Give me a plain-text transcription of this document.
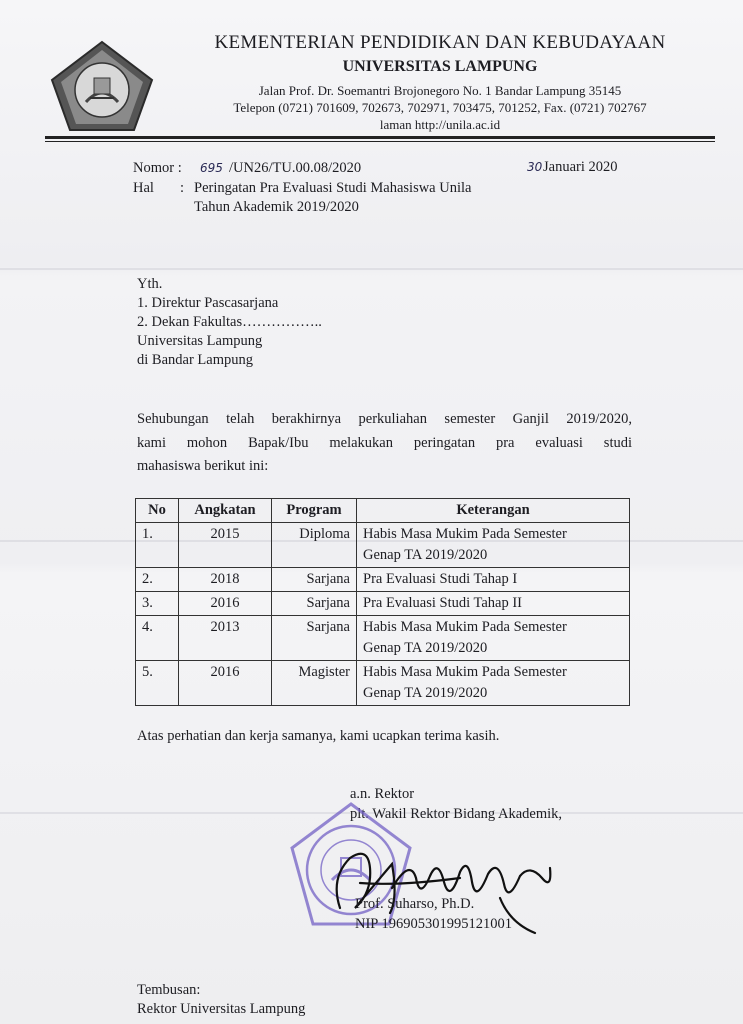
KEMENTERIAN PENDIDIKAN DAN KEBUDAYAAN
UNIVERSITAS LAMPUNG
Jalan Prof. Dr. Soemantri Brojonegoro No. 1 Bandar Lampung 35145
Telepon (0721) 701609, 702673, 702971, 703475, 701252, Fax. (0721) 702767
laman http://unila.ac.id
Nomor : 695 /UN26/TU.00.08/2020	30 Januari 2020
Hal : Peringatan Pra Evaluasi Studi Mahasiswa Unila
Tahun Akademik 2019/2020
Yth.
1. Direktur Pascasarjana
2. Dekan Fakultas……………..
Universitas Lampung
di Bandar Lampung
Sehubungan telah berakhirnya perkuliahan semester Ganjil 2019/2020,
kami mohon Bapak/Ibu melakukan peringatan pra evaluasi studi
mahasiswa berikut ini:
No	Angkatan	Program	Keterangan
1.	2015	Diploma	Habis Masa Mukim Pada Semester
Genap TA 2019/2020

2.	2018	Sarjana	Pra Evaluasi Studi Tahap I

3.	2016	Sarjana	Pra Evaluasi Studi Tahap II

4.	2013	Sarjana	Habis Masa Mukim Pada Semester
Genap TA 2019/2020

5.	2016	Magister	Habis Masa Mukim Pada Semester
Genap TA 2019/2020
Atas perhatian dan kerja samanya, kami ucapkan terima kasih.
a.n. Rektor
plt. Wakil Rektor Bidang Akademik,
Prof. Suharso, Ph.D.
NIP 196905301995121001
Tembusan:
Rektor Universitas Lampung
